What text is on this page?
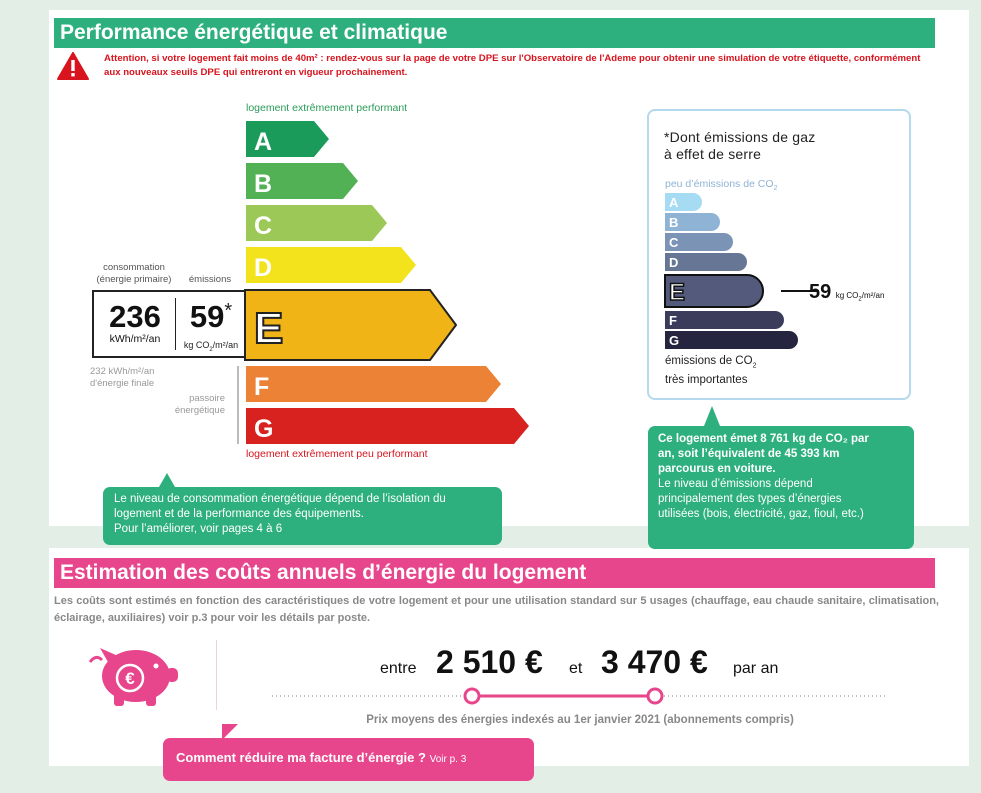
Performance énergétique et climatique
Attention, si votre logement fait moins de 40m² : rendez-vous sur la page de votre DPE sur l'Observatoire de l'Ademe pour obtenir une simulation de votre étiquette, conformément aux nouveaux seuils DPE qui entreront en vigueur prochainement.
logement extrêmement performant
logement extrêmement peu performant
consommation
(énergie primaire)	émissions
236
kWh/m²/an
59*
kg $CO_2/m^2/an$
232 kWh/m²/an
d'énergie finale
passoire
énergétique
A
B
C
D
E
F
G
Le niveau de consommation énergétique dépend de l’isolation du
logement et de la performance des équipements.
Pour l’améliorer, voir pages 4 à 6
*Dont émissions de gaz
à effet de serre
peu d’émissions de $CO_2$
A
B
C
D
E
F
G
59 kg $CO_2/m^2/an$
émissions de $CO_2$
très importantes
Ce logement émet 8 761 kg de CO₂ par
an, soit l’équivalent de 45 393 km
parcourus en voiture.
Le niveau d’émissions dépend
principalement des types d’énergies
utilisées (bois, électricité, gaz, fioul, etc.)
Estimation des coûts annuels d’énergie du logement
Les coûts sont estimés en fonction des caractéristiques de votre logement et pour une utilisation standard sur 5 usages (chauffage, eau chaude sanitaire, climatisation, éclairage, auxiliaires) voir p.3 pour voir les détails par poste.
€
entre 2 510 € et 3 470 € par an
Prix moyens des énergies indexés au 1er janvier 2021 (abonnements compris)
Comment réduire ma facture d’énergie ? Voir p. 3
